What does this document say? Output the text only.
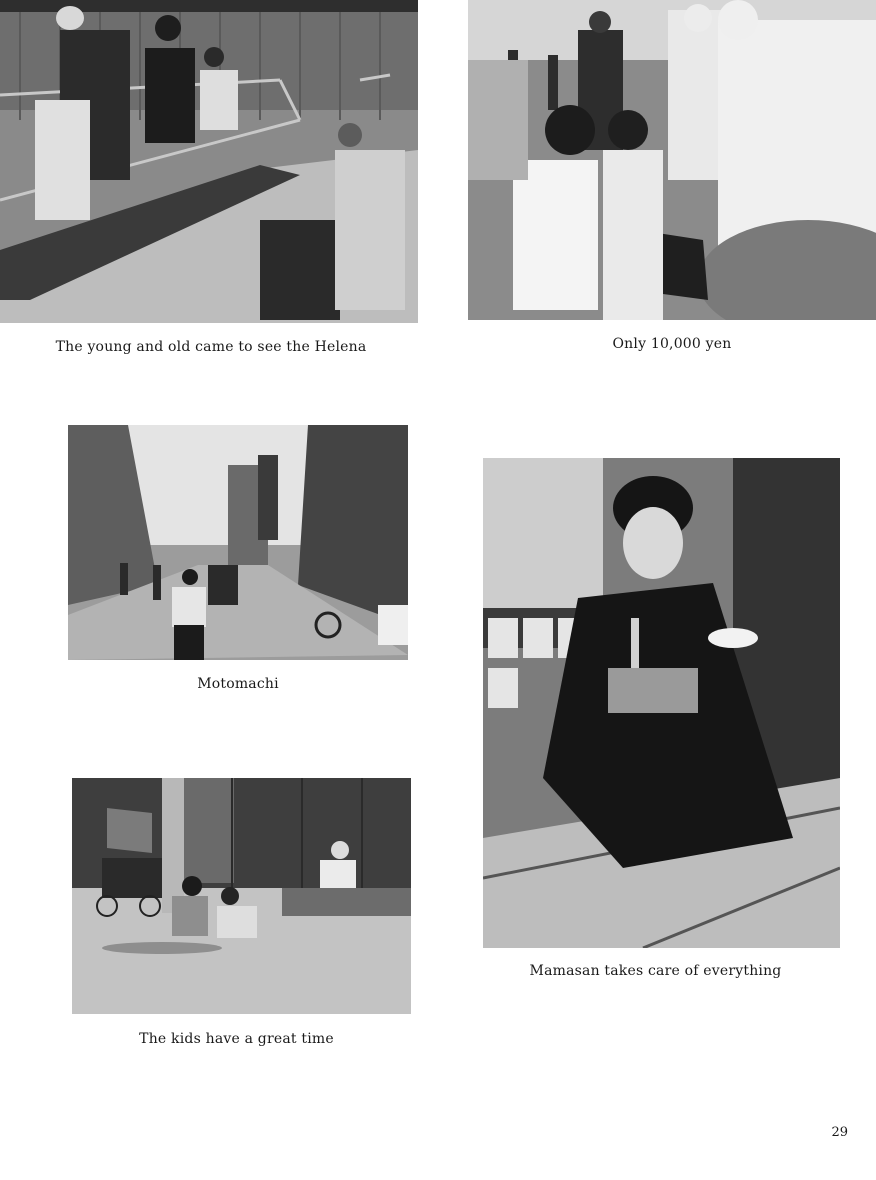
The young and old came to see the Helena	Only 10,000 yen
Motomachi
Mamasan takes care of everything
The kids have a great time
29
